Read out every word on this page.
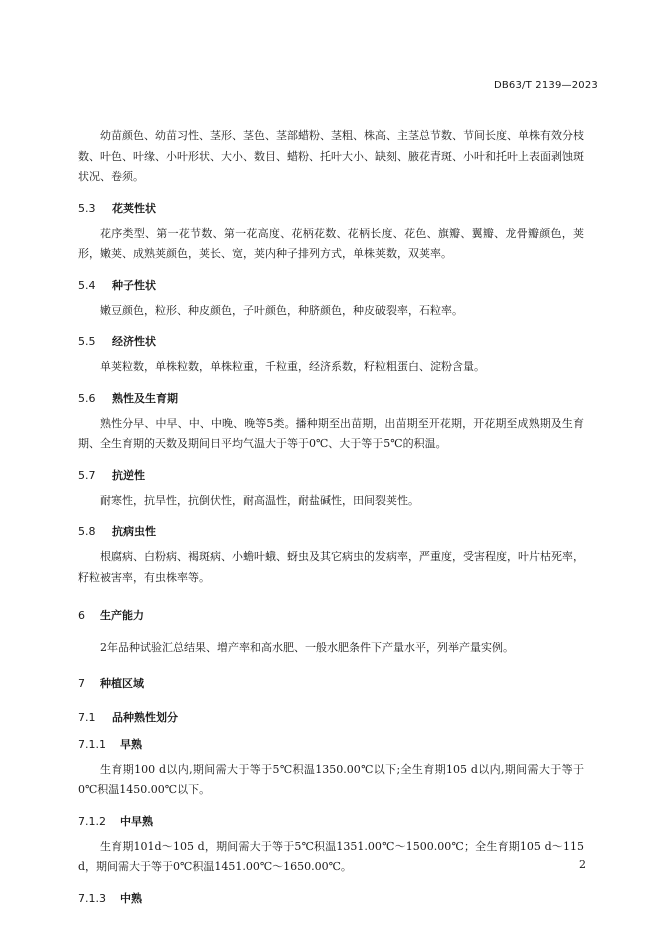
DB63/T 2139—2023

幼苗颜色、幼苗习性、茎形、茎色、茎部蜡粉、茎粗、株高、主茎总节数、节间长度、单株有效分枝数、叶色、叶缘、小叶形状、大小、数目、蜡粉、托叶大小、缺刻、腋花青斑、小叶和托叶上表面剥蚀斑状况、卷须。

5.3 花荚性状

花序类型、第一花节数、第一花高度、花柄花数、花柄长度、花色、旗瓣、翼瓣、龙骨瓣颜色，荚形，嫩荚、成熟荚颜色，荚长、宽，荚内种子排列方式，单株荚数，双荚率。

5.4 种子性状

嫩豆颜色，粒形、种皮颜色，子叶颜色，种脐颜色，种皮破裂率，石粒率。

5.5 经济性状

单荚粒数，单株粒数，单株粒重，千粒重，经济系数，籽粒粗蛋白、淀粉含量。

5.6 熟性及生育期

熟性分早、中早、中、中晚、晚等5类。播种期至出苗期，出苗期至开花期，开花期至成熟期及生育期、全生育期的天数及期间日平均气温大于等于0℃、大于等于5℃的积温。

5.7 抗逆性

耐寒性，抗旱性，抗倒伏性，耐高温性，耐盐碱性，田间裂荚性。

5.8 抗病虫性

根腐病、白粉病、褐斑病、小蟾叶蛾、蚜虫及其它病虫的发病率，严重度，受害程度，叶片枯死率，籽粒被害率，有虫株率等。

6 生产能力

2年品种试验汇总结果、增产率和高水肥、一般水肥条件下产量水平，列举产量实例。

7 种植区域
7.1 品种熟性划分
7.1.1 早熟

生育期100 d以内,期间需大于等于5℃积温1350.00℃以下;全生育期105 d以内,期间需大于等于0℃积温1450.00℃以下。

7.1.2 中早熟

生育期101d～105 d，期间需大于等于5℃积温1351.00℃～1500.00℃；全生育期105 d～115 d，期间需大于等于0℃积温1451.00℃～1650.00℃。

7.1.3 中熟
2
